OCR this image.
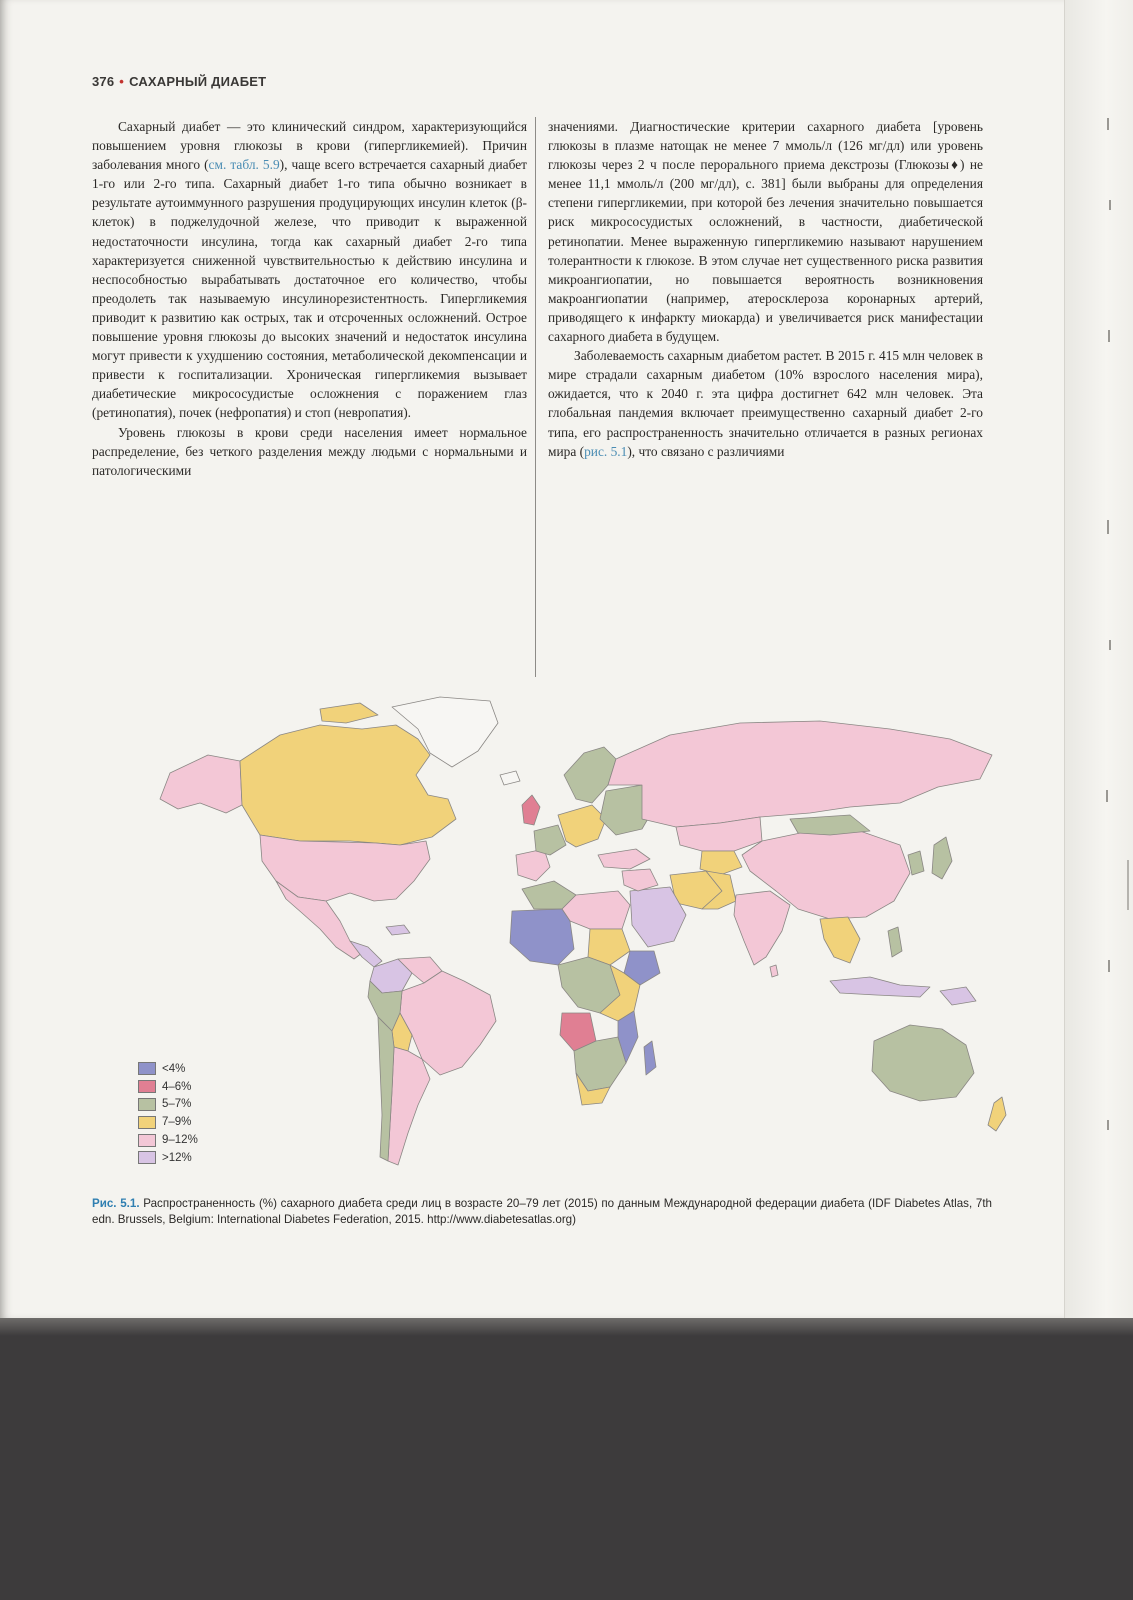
376 • САХАРНЫЙ ДИАБЕТ

Сахарный диабет — это клинический синдром, характеризующийся повышением уровня глюкозы в крови (гипергликемией). Причин заболевания много (см. табл. 5.9), чаще всего встречается сахарный диабет 1-го или 2-го типа. Сахарный диабет 1-го типа обычно возникает в результате аутоиммунного разрушения продуцирующих инсулин клеток (β-клеток) в поджелудочной железе, что приводит к выраженной недостаточности инсулина, тогда как сахарный диабет 2-го типа характеризуется сниженной чувствительностью к действию инсулина и неспособностью вырабатывать достаточное его количество, чтобы преодолеть так называемую инсулинорезистентность. Гипергликемия приводит к развитию как острых, так и отсроченных осложнений. Острое повышение уровня глюкозы до высоких значений и недостаток инсулина могут привести к ухудшению состояния, метаболической декомпенсации и привести к госпитализации. Хроническая гипергликемия вызывает диабетические микрососудистые осложнения с поражением глаз (ретинопатия), почек (нефропатия) и стоп (невропатия).

Уровень глюкозы в крови среди населения имеет нормальное распределение, без четкого разделения между людьми с нормальными и патологическими

значениями. Диагностические критерии сахарного диабета [уровень глюкозы в плазме натощак не менее 7 ммоль/л (126 мг/дл) или уровень глюкозы через 2 ч после перорального приема декстрозы (Глюкозы♦) не менее 11,1 ммоль/л (200 мг/дл), с. 381] были выбраны для определения степени гипергликемии, при которой без лечения значительно повышается риск микрососудистых осложнений, в частности, диабетической ретинопатии. Менее выраженную гипергликемию называют нарушением толерантности к глюкозе. В этом случае нет существенного риска развития микроангиопатии, но повышается вероятность возникновения макроангиопатии (например, атеросклероза коронарных артерий, приводящего к инфаркту миокарда) и увеличивается риск манифестации сахарного диабета в будущем.

Заболеваемость сахарным диабетом растет. В 2015 г. 415 млн человек в мире страдали сахарным диабетом (10% взрослого населения мира), ожидается, что к 2040 г. эта цифра достигнет 642 млн человек. Эта глобальная пандемия включает преимущественно сахарный диабет 2-го типа, его распространенность значительно отличается в разных регионах мира (рис. 5.1), что связано с различиями

<4%
4–6%
5–7%
7–9%
9–12%
>12%
Рис. 5.1. Распространенность (%) сахарного диабета среди лиц в возрасте 20–79 лет (2015) по данным Международной федерации диабета (IDF Diabetes Atlas, 7th edn. Brussels, Belgium: International Diabetes Federation, 2015. http://www.diabetesatlas.org)
